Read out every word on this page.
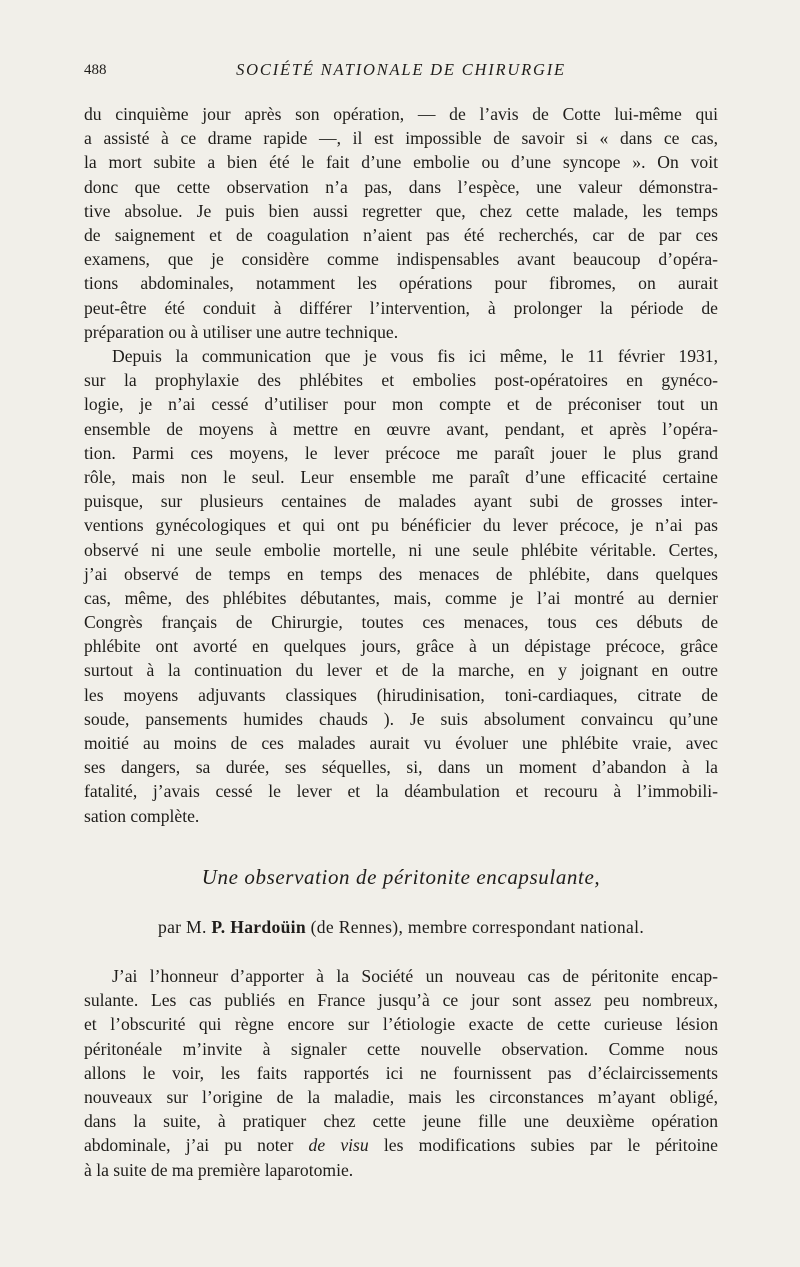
488	SOCIÉTÉ NATIONALE DE CHIRURGIE
du cinquième jour après son opération, — de l’avis de Cotte lui-même qui
a assisté à ce drame rapide —, il est impossible de savoir si « dans ce cas,
la mort subite a bien été le fait d’une embolie ou d’une syncope ». On voit
donc que cette observation n’a pas, dans l’espèce, une valeur démonstra-
tive absolue. Je puis bien aussi regretter que, chez cette malade, les temps
de saignement et de coagulation n’aient pas été recherchés, car de par ces
examens, que je considère comme indispensables avant beaucoup d’opéra-
tions abdominales, notamment les opérations pour fibromes, on aurait
peut-être été conduit à différer l’intervention, à prolonger la période de
préparation ou à utiliser une autre technique.
Depuis la communication que je vous fis ici même, le 11 février 1931,
sur la prophylaxie des phlébites et embolies post-opératoires en gynéco-
logie, je n’ai cessé d’utiliser pour mon compte et de préconiser tout un
ensemble de moyens à mettre en œuvre avant, pendant, et après l’opéra-
tion. Parmi ces moyens, le lever précoce me paraît jouer le plus grand
rôle, mais non le seul. Leur ensemble me paraît d’une efficacité certaine
puisque, sur plusieurs centaines de malades ayant subi de grosses inter-
ventions gynécologiques et qui ont pu bénéficier du lever précoce, je n’ai pas
observé ni une seule embolie mortelle, ni une seule phlébite véritable. Certes,
j’ai observé de temps en temps des menaces de phlébite, dans quelques
cas, même, des phlébites débutantes, mais, comme je l’ai montré au dernier
Congrès français de Chirurgie, toutes ces menaces, tous ces débuts de
phlébite ont avorté en quelques jours, grâce à un dépistage précoce, grâce
surtout à la continuation du lever et de la marche, en y joignant en outre
les moyens adjuvants classiques (hirudinisation, toni-cardiaques, citrate de
soude, pansements humides chauds ). Je suis absolument convaincu qu’une
moitié au moins de ces malades aurait vu évoluer une phlébite vraie, avec
ses dangers, sa durée, ses séquelles, si, dans un moment d’abandon à la
fatalité, j’avais cessé le lever et la déambulation et recouru à l’immobili-
sation complète.
Une observation de péritonite encapsulante,
par M. P. Hardoüin (de Rennes), membre correspondant national.
J’ai l’honneur d’apporter à la Société un nouveau cas de péritonite encap-
sulante. Les cas publiés en France jusqu’à ce jour sont assez peu nombreux,
et l’obscurité qui règne encore sur l’étiologie exacte de cette curieuse lésion
péritonéale m’invite à signaler cette nouvelle observation. Comme nous
allons le voir, les faits rapportés ici ne fournissent pas d’éclaircissements
nouveaux sur l’origine de la maladie, mais les circonstances m’ayant obligé,
dans la suite, à pratiquer chez cette jeune fille une deuxième opération
abdominale, j’ai pu noter de visu les modifications subies par le péritoine
à la suite de ma première laparotomie.
